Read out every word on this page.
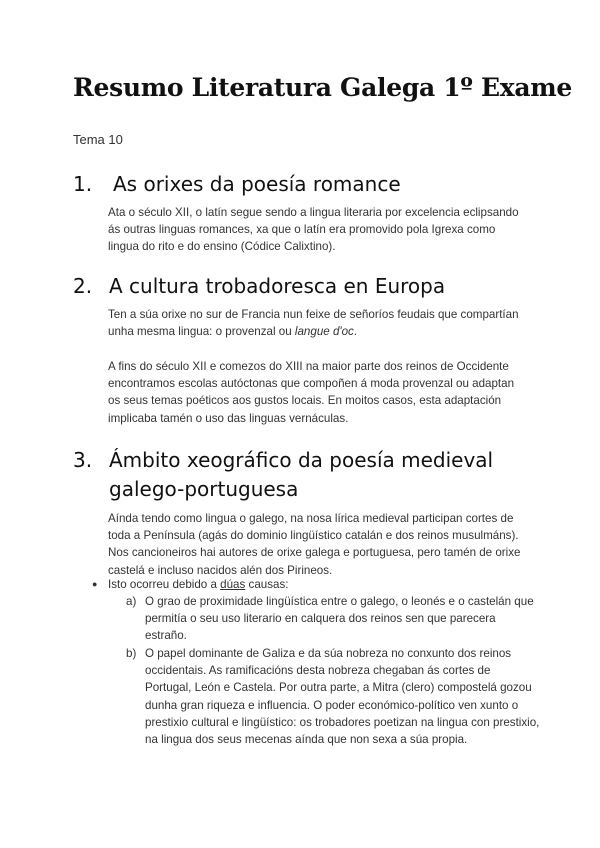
Resumo Literatura Galega 1º Exame

Tema 10

1. As orixes da poesía romance

Ata o século XII, o latín segue sendo a lingua literaria por excelencia eclipsando ás outras linguas romances, xa que o latín era promovido pola Igrexa como lingua do rito e do ensino (Códice Calixtino).

2. A cultura trobadoresca en Europa

Ten a súa orixe no sur de Francia nun feixe de señoríos feudais que compartían unha mesma lingua: o provenzal ou langue d'oc.

A fins do século XII e comezos do XIII na maior parte dos reinos de Occidente encontramos escolas autóctonas que compoñen á moda provenzal ou adaptan os seus temas poéticos aos gustos locais. En moitos casos, esta adaptación implicaba tamén o uso das linguas vernáculas.

3. Ámbito xeográfico da poesía medieval
galego-portuguesa

Aínda tendo como lingua o galego, na nosa lírica medieval participan cortes de toda a Península (agás do dominio lingüístico catalán e dos reinos musulmáns). Nos cancioneiros hai autores de orixe galega e portuguesa, pero tamén de orixe castelá e incluso nacidos alén dos Pirineos.

● Isto ocorreu debido a dúas causas:
a) O grao de proximidade lingüística entre o galego, o leonés e o castelán que permitía o seu uso literario en calquera dos reinos sen que parecera estraño.
b) O papel dominante de Galiza e da súa nobreza no conxunto dos reinos occidentais. As ramificacións desta nobreza chegaban ás cortes de Portugal, León e Castela. Por outra parte, a Mitra (clero) compostelá gozou dunha gran riqueza e influencia. O poder económico-político ven xunto o prestixio cultural e lingüístico: os trobadores poetizan na lingua con prestixio, na lingua dos seus mecenas aínda que non sexa a súa propia.
